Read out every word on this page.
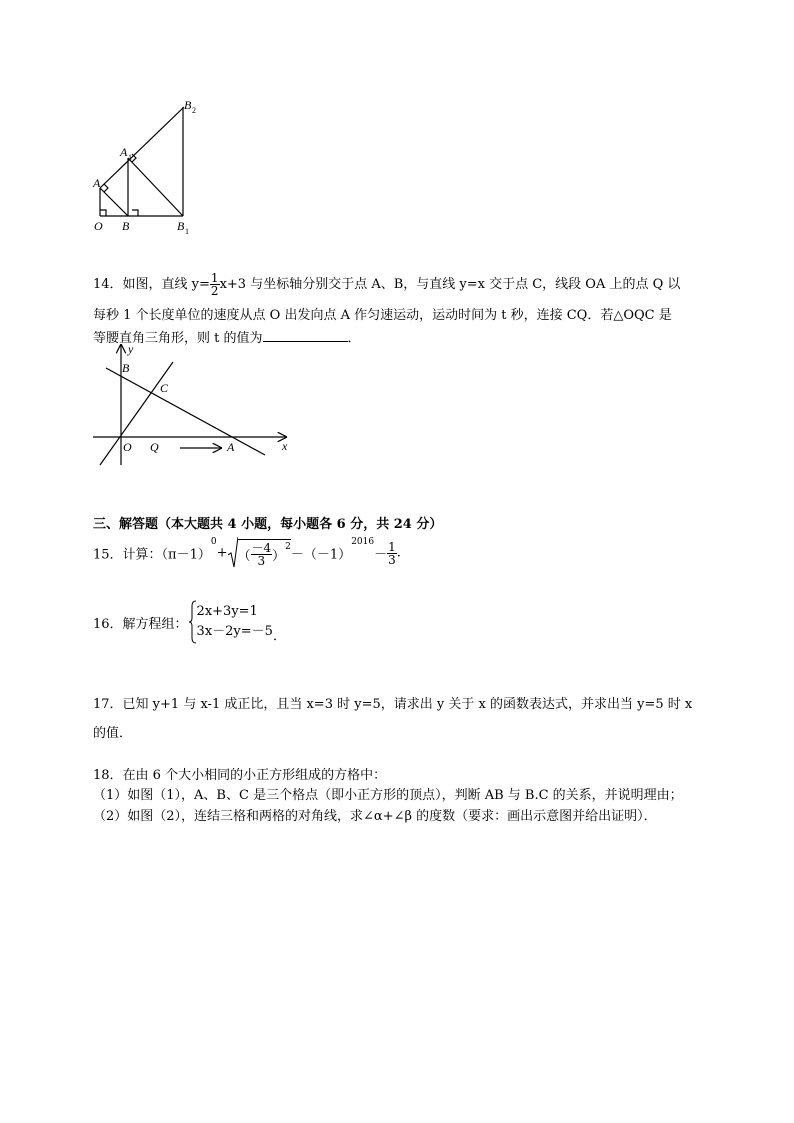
B 2
A 1
A
O B	B 1
14．如图，直线 $y= \frac{1}{2} x+3$ 与坐标轴分别交于点 A、B，与直线 y=x 交于点 C，线段 OA 上的点 Q 以
每秒 1 个长度单位的速度从点 O 出发向点 A 作匀速运动，运动时间为 t 秒，连接 CQ．若△OQC 是
等腰直角三角形，则 t 的值为	．
y
B
C
O Q	A	x
三、解答题（本大题共 4 小题，每小题各 6 分，共 24 分）
15．计算：$(\pi-1)^0+$ （ $\frac{-4}{3} )^2-(-1)^{2016}- \frac{1}{3}$ .
16．解方程组：
2x+3y=1
3x－2y=－5 ．
17．已知 y+1 与 x-1 成正比，且当 x=3 时 y=5，请求出 y 关于 x 的函数表达式，并求出当 y=5 时 x
的值．
18．在由 6 个大小相同的小正方形组成的方格中：
（1）如图（1），A、B、C 是三个格点（即小正方形的顶点），判断 AB 与 B.C 的关系，并说明理由；
（2）如图（2），连结三格和两格的对角线，求∠α+∠β 的度数（要求：画出示意图并给出证明）．
